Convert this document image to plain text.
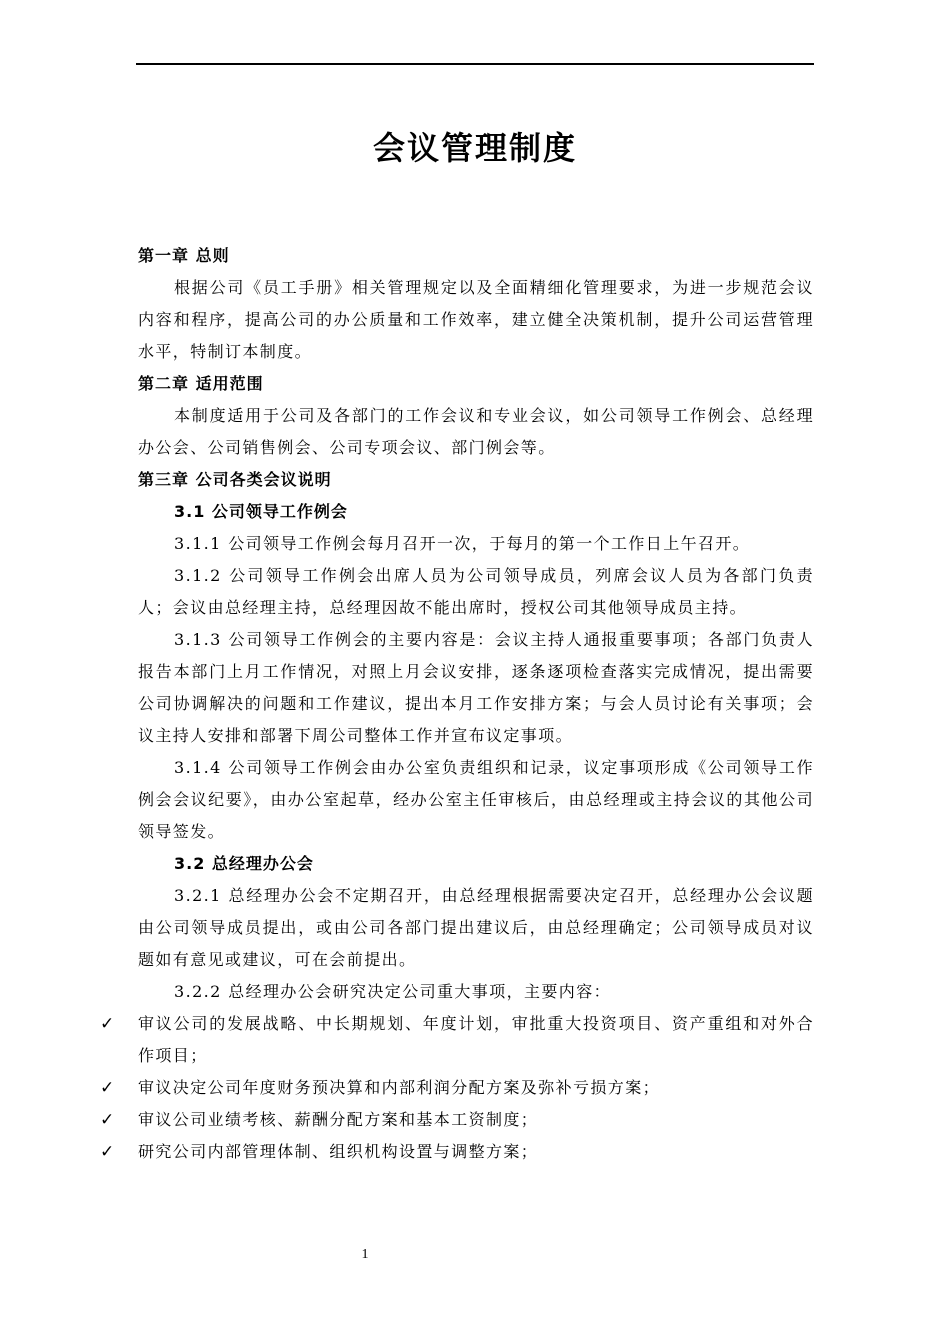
会议管理制度

第一章 总则

根据公司《员工手册》相关管理规定以及全面精细化管理要求，为进一步规范会议内容和程序，提高公司的办公质量和工作效率，建立健全决策机制，提升公司运营管理水平，特制订本制度。

第二章 适用范围

本制度适用于公司及各部门的工作会议和专业会议，如公司领导工作例会、总经理办公会、公司销售例会、公司专项会议、部门例会等。

第三章 公司各类会议说明

3.1 公司领导工作例会

3.1.1 公司领导工作例会每月召开一次，于每月的第一个工作日上午召开。

3.1.2 公司领导工作例会出席人员为公司领导成员，列席会议人员为各部门负责人；会议由总经理主持，总经理因故不能出席时，授权公司其他领导成员主持。

3.1.3 公司领导工作例会的主要内容是：会议主持人通报重要事项；各部门负责人报告本部门上月工作情况，对照上月会议安排，逐条逐项检查落实完成情况，提出需要公司协调解决的问题和工作建议，提出本月工作安排方案；与会人员讨论有关事项；会议主持人安排和部署下周公司整体工作并宣布议定事项。

3.1.4 公司领导工作例会由办公室负责组织和记录，议定事项形成《公司领导工作例会会议纪要》，由办公室起草，经办公室主任审核后，由总经理或主持会议的其他公司领导签发。

3.2 总经理办公会

3.2.1 总经理办公会不定期召开，由总经理根据需要决定召开，总经理办公会议题由公司领导成员提出，或由公司各部门提出建议后，由总经理确定；公司领导成员对议题如有意见或建议，可在会前提出。

3.2.2 总经理办公会研究决定公司重大事项，主要内容：

✓ 审议公司的发展战略、中长期规划、年度计划，审批重大投资项目、资产重组和对外合作项目；

✓ 审议决定公司年度财务预决算和内部利润分配方案及弥补亏损方案；

✓ 审议公司业绩考核、薪酬分配方案和基本工资制度；

✓ 研究公司内部管理体制、组织机构设置与调整方案；

1
